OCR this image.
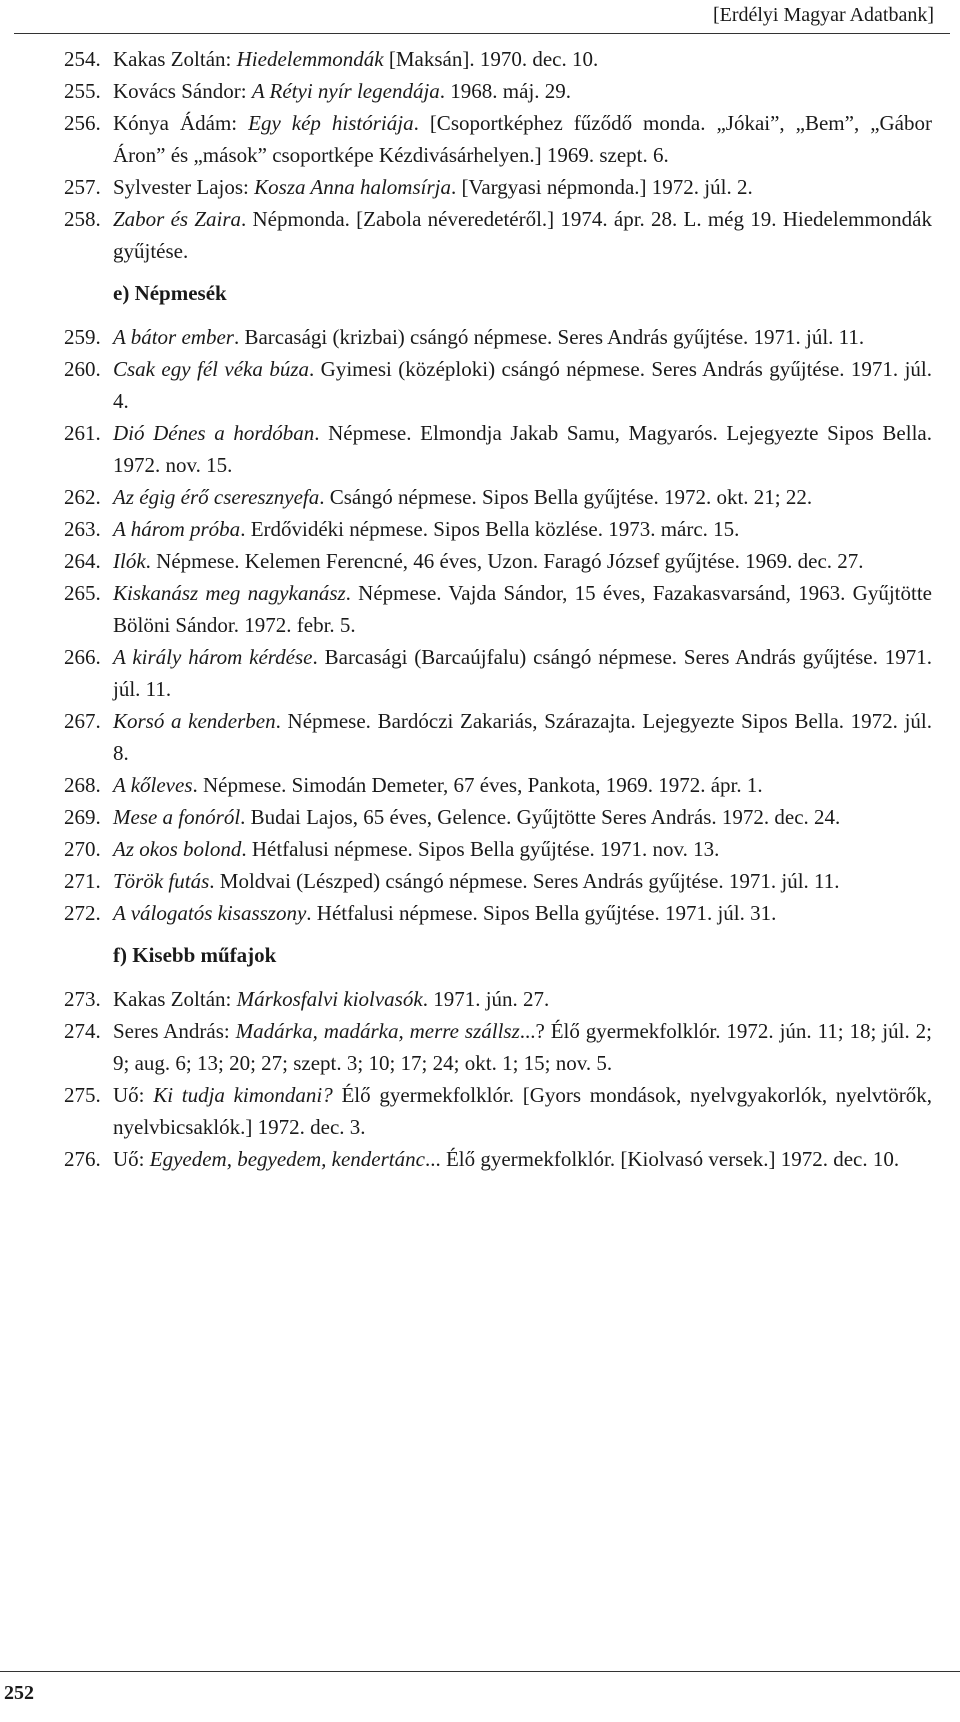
[Erdélyi Magyar Adatbank]
254. Kakas Zoltán: Hiedelemmondák [Maksán]. 1970. dec. 10.
255. Kovács Sándor: A Rétyi nyír legendája. 1968. máj. 29.
256. Kónya Ádám: Egy kép históriája. [Csoportképhez fűződő monda. „Jókai”, „Bem”, „Gábor Áron” és „mások” csoportképe Kézdivásárhelyen.] 1969. szept. 6.
257. Sylvester Lajos: Kosza Anna halomsírja. [Vargyasi népmonda.] 1972. júl. 2.
258. Zabor és Zaira. Népmonda. [Zabola néveredetéről.] 1974. ápr. 28. L. még 19. Hiedelemmondák gyűjtése.
e) Népmesék
259. A bátor ember. Barcasági (krizbai) csángó népmese. Seres András gyűjtése. 1971. júl. 11.
260. Csak egy fél véka búza. Gyimesi (középloki) csángó népmese. Seres András gyűjtése. 1971. júl. 4.
261. Dió Dénes a hordóban. Népmese. Elmondja Jakab Samu, Magyarós. Lejegyezte Sipos Bella. 1972. nov. 15.
262. Az égig érő cseresznyefa. Csángó népmese. Sipos Bella gyűjtése. 1972. okt. 21; 22.
263. A három próba. Erdővidéki népmese. Sipos Bella közlése. 1973. márc. 15.
264. Ilók. Népmese. Kelemen Ferencné, 46 éves, Uzon. Faragó József gyűjtése. 1969. dec. 27.
265. Kiskanász meg nagykanász. Népmese. Vajda Sándor, 15 éves, Fazakasvarsánd, 1963. Gyűjtötte Bölöni Sándor. 1972. febr. 5.
266. A király három kérdése. Barcasági (Barcaújfalu) csángó népmese. Seres András gyűjtése. 1971. júl. 11.
267. Korsó a kenderben. Népmese. Bardóczi Zakariás, Szárazajta. Lejegyezte Sipos Bella. 1972. júl. 8.
268. A kőleves. Népmese. Simodán Demeter, 67 éves, Pankota, 1969. 1972. ápr. 1.
269. Mese a fonóról. Budai Lajos, 65 éves, Gelence. Gyűjtötte Seres András. 1972. dec. 24.
270. Az okos bolond. Hétfalusi népmese. Sipos Bella gyűjtése. 1971. nov. 13.
271. Török futás. Moldvai (Lészped) csángó népmese. Seres András gyűjtése. 1971. júl. 11.
272. A válogatós kisasszony. Hétfalusi népmese. Sipos Bella gyűjtése. 1971. júl. 31.
f) Kisebb műfajok
273. Kakas Zoltán: Márkosfalvi kiolvasók. 1971. jún. 27.
274. Seres András: Madárka, madárka, merre szállsz...? Élő gyermekfolklór. 1972. jún. 11; 18; júl. 2; 9; aug. 6; 13; 20; 27; szept. 3; 10; 17; 24; okt. 1; 15; nov. 5.
275. Uő: Ki tudja kimondani? Élő gyermekfolklór. [Gyors mondások, nyelvgyakorlók, nyelvtörők, nyelvbicsaklók.] 1972. dec. 3.
276. Uő: Egyedem, begyedem, kendertánc... Élő gyermekfolklór. [Kiolvasó versek.] 1972. dec. 10.
252
